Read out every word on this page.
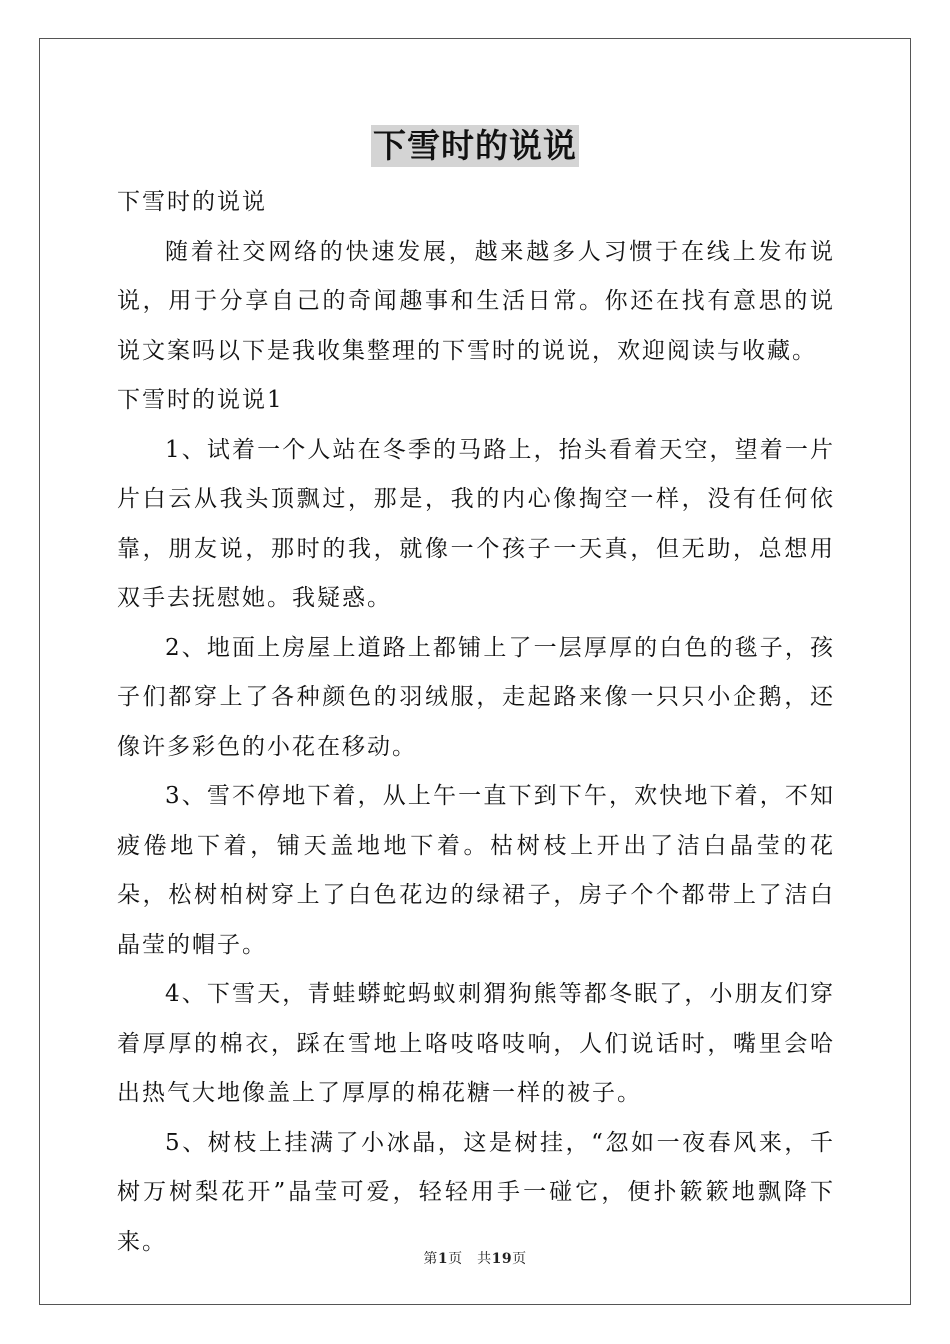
下雪时的说说

下雪时的说说

随着社交网络的快速发展，越来越多人习惯于在线上发布说说，用于分享自己的奇闻趣事和生活日常。你还在找有意思的说说文案吗以下是我收集整理的下雪时的说说，欢迎阅读与收藏。

下雪时的说说1

1、试着一个人站在冬季的马路上，抬头看着天空，望着一片片白云从我头顶飘过，那是，我的内心像掏空一样，没有任何依靠，朋友说，那时的我，就像一个孩子一天真，但无助，总想用双手去抚慰她。我疑惑。

2、地面上房屋上道路上都铺上了一层厚厚的白色的毯子，孩子们都穿上了各种颜色的羽绒服，走起路来像一只只小企鹅，还像许多彩色的小花在移动。

3、雪不停地下着，从上午一直下到下午，欢快地下着，不知疲倦地下着，铺天盖地地下着。枯树枝上开出了洁白晶莹的花朵，松树柏树穿上了白色花边的绿裙子，房子个个都带上了洁白晶莹的帽子。

4、下雪天，青蛙蟒蛇蚂蚁刺猬狗熊等都冬眠了，小朋友们穿着厚厚的棉衣，踩在雪地上咯吱咯吱响，人们说话时，嘴里会哈出热气大地像盖上了厚厚的棉花糖一样的被子。

5、树枝上挂满了小冰晶，这是树挂，“忽如一夜春风来，千树万树梨花开”晶莹可爱，轻轻用手一碰它，便扑簌簌地飘降下来。

第1页　共19页
